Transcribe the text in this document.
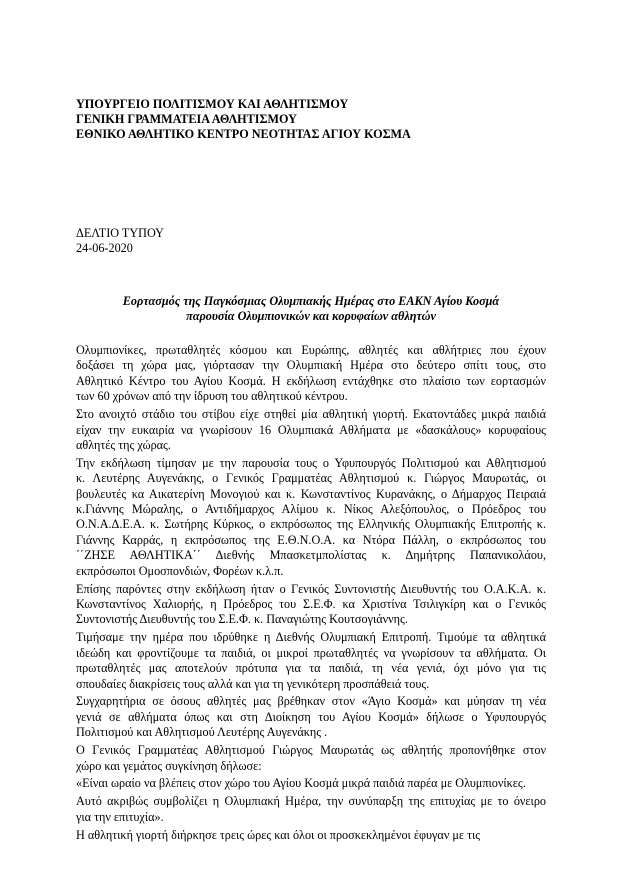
ΥΠΟΥΡΓΕΙΟ ΠΟΛΙΤΙΣΜΟΥ ΚΑΙ ΑΘΛΗΤΙΣΜΟΥ
ΓΕΝΙΚΗ ΓΡΑΜΜΑΤΕΙΑ ΑΘΛΗΤΙΣΜΟΥ
ΕΘΝΙΚΟ ΑΘΛΗΤΙΚΟ ΚΕΝΤΡΟ ΝΕΟΤΗΤΑΣ ΑΓΙΟΥ ΚΟΣΜΑ
ΔΕΛΤΙΟ ΤΥΠΟΥ
24-06-2020
Εορτασμός της Παγκόσμιας Ολυμπιακής Ημέρας στο ΕΑΚΝ Αγίου Κοσμά
παρουσία Ολυμπιονικών και κορυφαίων αθλητών

Ολυμπιονίκες, πρωταθλητές κόσμου και Ευρώπης, αθλητές και αθλήτριες που έχουν
δοξάσει τη χώρα μας, γιόρτασαν την Ολυμπιακή Ημέρα στο δεύτερο σπίτι τους, στο
Αθλητικό Κέντρο του Αγίου Κοσμά. Η εκδήλωση εντάχθηκε στο πλαίσιο των εορτασμών
των 60 χρόνων από την ίδρυση του αθλητικού κέντρου.

Στο ανοιχτό στάδιο του στίβου είχε στηθεί μία αθλητική γιορτή. Εκατοντάδες μικρά παιδιά
είχαν την ευκαιρία να γνωρίσουν 16 Ολυμπιακά Αθλήματα με «δασκάλους» κορυφαίους
αθλητές της χώρας.

Την εκδήλωση τίμησαν με την παρουσία τους ο Υφυπουργός Πολιτισμού και Αθλητισμού
κ. Λευτέρης Αυγενάκης, ο Γενικός Γραμματέας Αθλητισμού κ. Γιώργος Μαυρωτάς, οι
βουλευτές κα Αικατερίνη Μονογιού και κ. Κωνσταντίνος Κυρανάκης, ο Δήμαρχος Πειραιά
κ.Γιάννης Μώραλης, ο Αντιδήμαρχος Αλίμου κ. Νίκος Αλεξόπουλος, ο Πρόεδρος του
Ο.Ν.Α.Δ.Ε.Α. κ. Σωτήρης Κύρκος, ο εκπρόσωπος της Ελληνικής Ολυμπιακής Επιτροπής κ.
Γιάννης Καρράς, η εκπρόσωπος της Ε.Θ.Ν.Ο.Α. κα Ντόρα Πάλλη, ο εκπρόσωπος του
΄΄ΖΗΣΕ ΑΘΛΗΤΙΚΑ΄΄ Διεθνής Μπασκετμπολίστας κ. Δημήτρης Παπανικολάου,
εκπρόσωποι Ομοσπονδιών, Φορέων κ.λ.π.

Επίσης παρόντες στην εκδήλωση ήταν ο Γενικός Συντονιστής Διευθυντής του Ο.Α.Κ.Α. κ.
Κωνσταντίνος Χαλιορής, η Πρόεδρος του Σ.Ε.Φ. κα Χριστίνα Τσιλιγκίρη και ο Γενικός
Συντονιστής Διευθυντής του Σ.Ε.Φ. κ. Παναγιώτης Κουτσογιάννης.

Τιμήσαμε την ημέρα που ιδρύθηκε η Διεθνής Ολυμπιακή Επιτροπή. Τιμούμε τα αθλητικά
ιδεώδη και φροντίζουμε τα παιδιά, οι μικροί πρωταθλητές να γνωρίσουν τα αθλήματα. Οι
πρωταθλητές μας αποτελούν πρότυπα για τα παιδιά, τη νέα γενιά, όχι μόνο για τις
σπουδαίες διακρίσεις τους αλλά και για τη γενικότερη προσπάθειά τους.

Συγχαρητήρια σε όσους αθλητές μας βρέθηκαν στον «Άγιο Κοσμά» και μύησαν τη νέα
γενιά σε αθλήματα όπως και στη Διοίκηση του Αγίου Κοσμά» δήλωσε ο Υφυπουργός
Πολιτισμού και Αθλητισμού Λευτέρης Αυγενάκης .

Ο Γενικός Γραμματέας Αθλητισμού Γιώργος Μαυρωτάς ως αθλητής προπονήθηκε στον
χώρο και γεμάτος συγκίνηση δήλωσε:

«Είναι ωραίο να βλέπεις στον χώρο του Αγίου Κοσμά μικρά παιδιά παρέα με Ολυμπιονίκες.

Αυτό ακριβώς συμβολίζει η Ολυμπιακή Ημέρα, την συνύπαρξη της επιτυχίας με το όνειρο
για την επιτυχία».

Η αθλητική γιορτή διήρκησε τρεις ώρες και όλοι οι προσκεκλημένοι έφυγαν με τις
